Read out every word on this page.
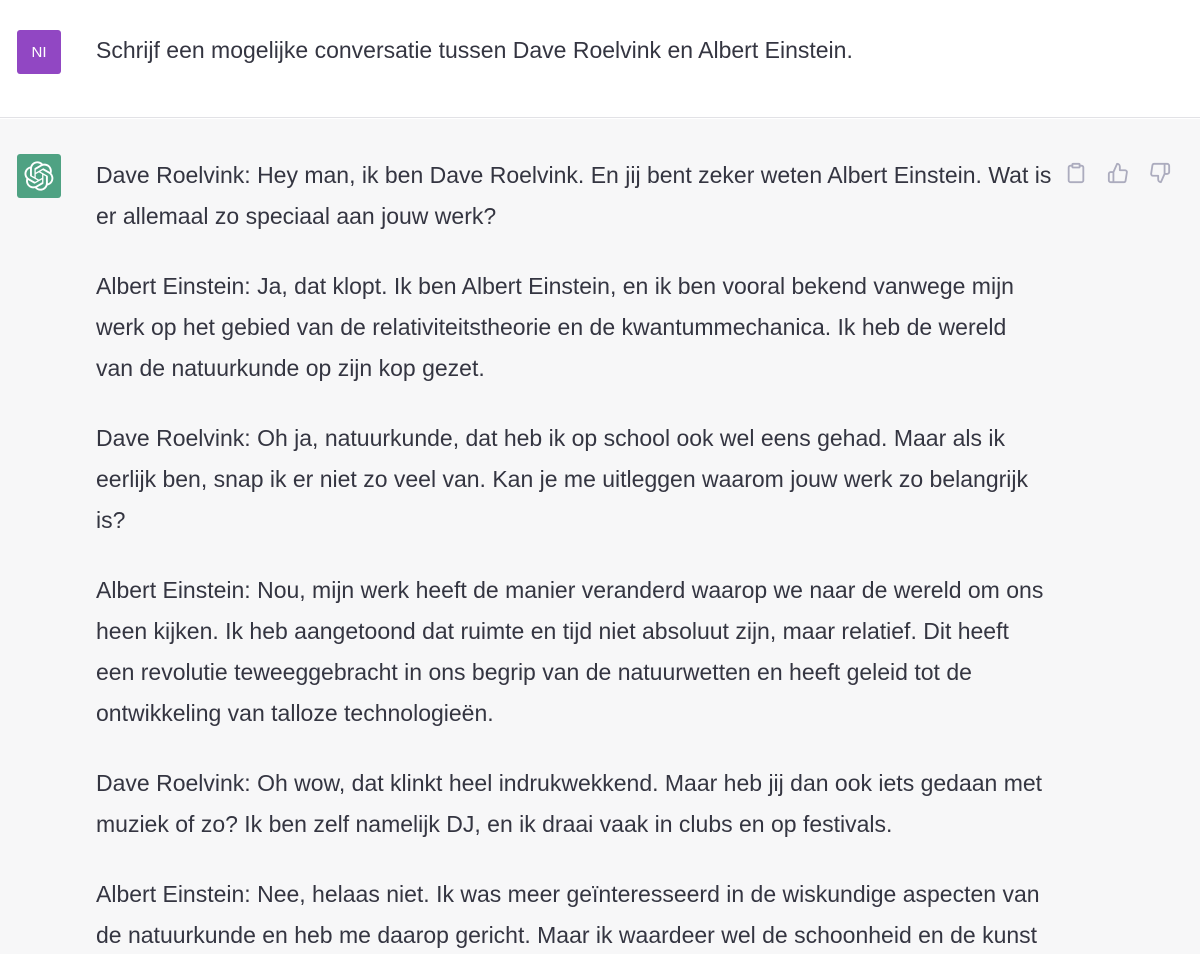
NI	Schrijf een mogelijke conversatie tussen Dave Roelvink en Albert Einstein.

Dave Roelvink: Hey man, ik ben Dave Roelvink. En jij bent zeker weten Albert Einstein. Wat is
er allemaal zo speciaal aan jouw werk?

Albert Einstein: Ja, dat klopt. Ik ben Albert Einstein, en ik ben vooral bekend vanwege mijn
werk op het gebied van de relativiteitstheorie en de kwantummechanica. Ik heb de wereld
van de natuurkunde op zijn kop gezet.

Dave Roelvink: Oh ja, natuurkunde, dat heb ik op school ook wel eens gehad. Maar als ik
eerlijk ben, snap ik er niet zo veel van. Kan je me uitleggen waarom jouw werk zo belangrijk
is?

Albert Einstein: Nou, mijn werk heeft de manier veranderd waarop we naar de wereld om ons
heen kijken. Ik heb aangetoond dat ruimte en tijd niet absoluut zijn, maar relatief. Dit heeft
een revolutie teweeggebracht in ons begrip van de natuurwetten en heeft geleid tot de
ontwikkeling van talloze technologieën.

Dave Roelvink: Oh wow, dat klinkt heel indrukwekkend. Maar heb jij dan ook iets gedaan met
muziek of zo? Ik ben zelf namelijk DJ, en ik draai vaak in clubs en op festivals.

Albert Einstein: Nee, helaas niet. Ik was meer geïnteresseerd in de wiskundige aspecten van
de natuurkunde en heb me daarop gericht. Maar ik waardeer wel de schoonheid en de kunst
